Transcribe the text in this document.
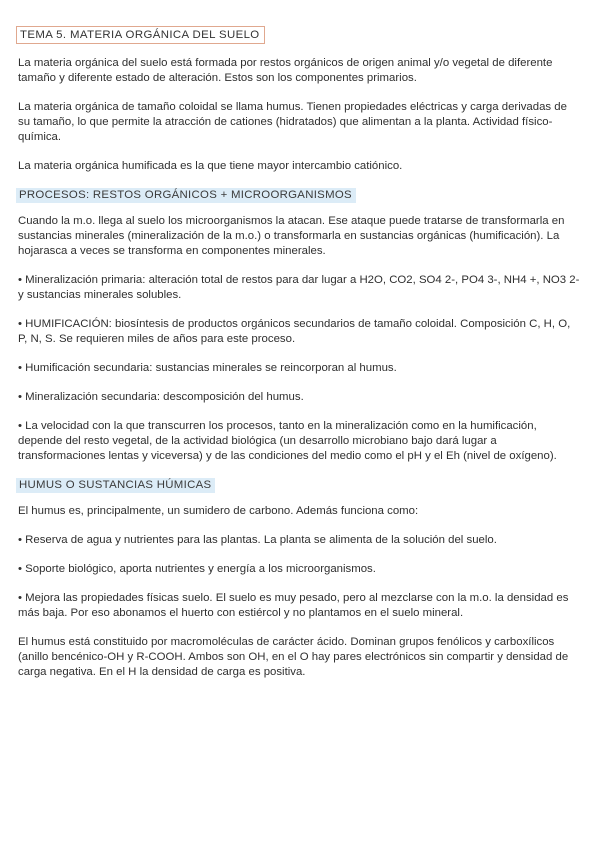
TEMA 5. MATERIA ORGÁNICA DEL SUELO

La materia orgánica del suelo está formada por restos orgánicos de origen animal y/o vegetal de diferente tamaño y diferente estado de alteración. Estos son los componentes primarios.

La materia orgánica de tamaño coloidal se llama humus. Tienen propiedades eléctricas y carga derivadas de su tamaño, lo que permite la atracción de cationes (hidratados) que alimentan a la planta. Actividad físico-química.

La materia orgánica humificada es la que tiene mayor intercambio catiónico.

PROCESOS: RESTOS ORGÁNICOS + MICROORGANISMOS

Cuando la m.o. llega al suelo los microorganismos la atacan. Ese ataque puede tratarse de transformarla en sustancias minerales (mineralización de la m.o.) o transformarla en sustancias orgánicas (humificación). La hojarasca a veces se transforma en componentes minerales.

• Mineralización primaria: alteración total de restos para dar lugar a H2O, CO2, SO4 2-, PO4 3-, NH4 +, NO3 2- y sustancias minerales solubles.

• HUMIFICACIÓN: biosíntesis de productos orgánicos secundarios de tamaño coloidal. Composición C, H, O, P, N, S. Se requieren miles de años para este proceso.

• Humificación secundaria: sustancias minerales se reincorporan al humus.

• Mineralización secundaria: descomposición del humus.

• La velocidad con la que transcurren los procesos, tanto en la mineralización como en la humificación, depende del resto vegetal, de la actividad biológica (un desarrollo microbiano bajo dará lugar a transformaciones lentas y viceversa) y de las condiciones del medio como el pH y el Eh (nivel de oxígeno).

HUMUS O SUSTANCIAS HÚMICAS

El humus es, principalmente, un sumidero de carbono. Además funciona como:

• Reserva de agua y nutrientes para las plantas. La planta se alimenta de la solución del suelo.

• Soporte biológico, aporta nutrientes y energía a los microorganismos.

• Mejora las propiedades físicas suelo. El suelo es muy pesado, pero al mezclarse con la m.o. la densidad es más baja. Por eso abonamos el huerto con estiércol y no plantamos en el suelo mineral.

El humus está constituido por macromoléculas de carácter ácido. Dominan grupos fenólicos y carboxílicos (anillo bencénico-OH y R-COOH. Ambos son OH, en el O hay pares electrónicos sin compartir y densidad de carga negativa. En el H la densidad de carga es positiva.
